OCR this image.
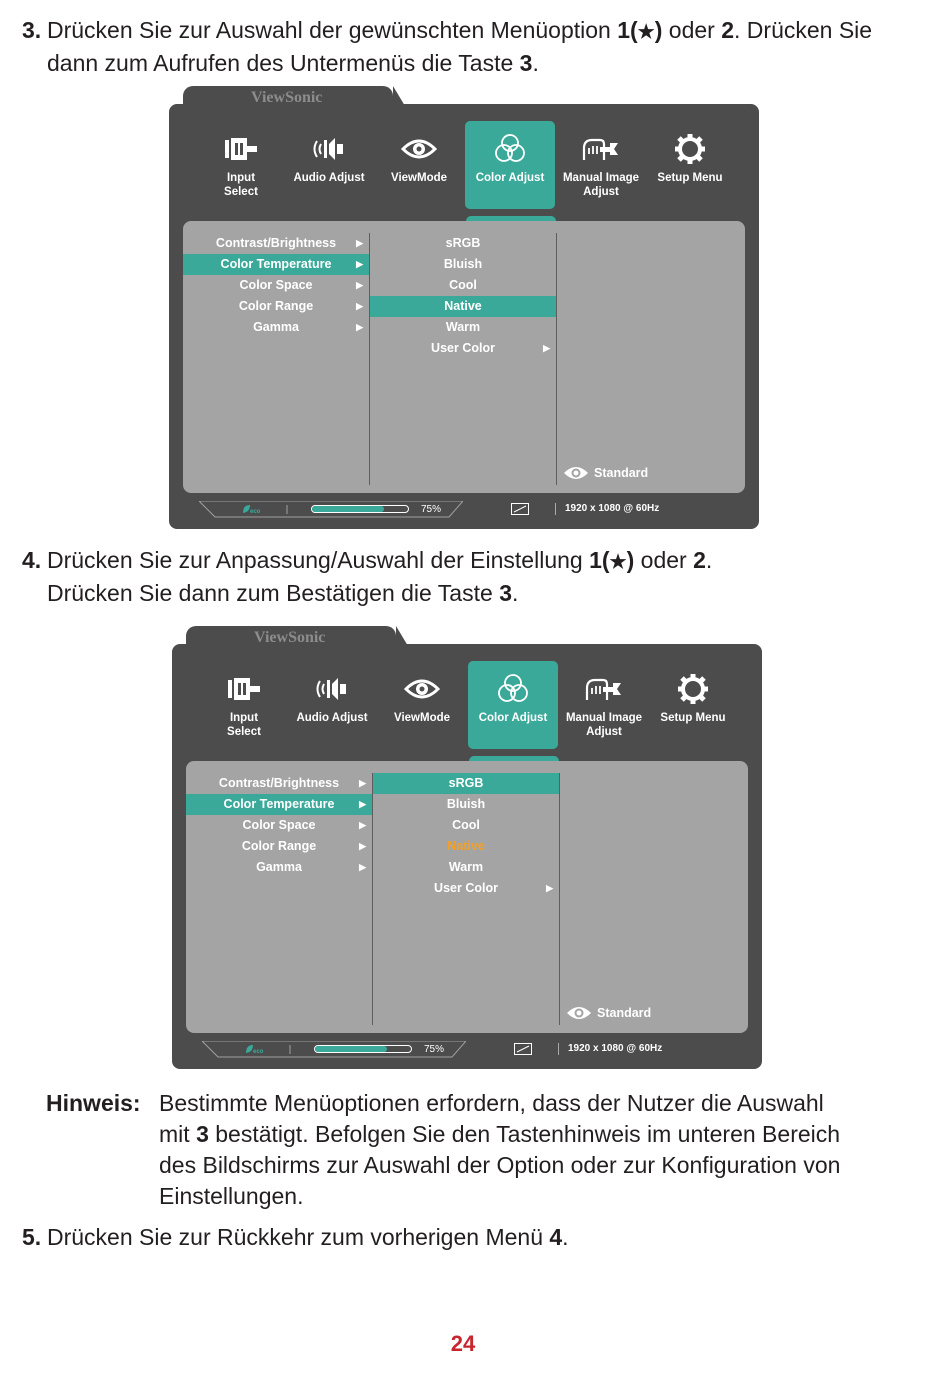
3. Drücken Sie zur Auswahl der gewünschten Menüoption 1(★) oder 2. Drücken Sie
dann zum Aufrufen des Untermenüs die Taste 3.
ViewSonic
Input
Select
Audio Adjust	ViewMode	Color Adjust	Manual Image
Adjust
Setup Menu
Contrast/Brightness ▶
Color Temperature	▶
Color Space	▶
Color Range	▶
Gamma	▶
sRGB
Bluish
Cool
Native
Warm
User Color	▶
Standard
eco	75%	1920 x 1080 @ 60Hz
4. Drücken Sie zur Anpassung/Auswahl der Einstellung 1(★) oder 2.
Drücken Sie dann zum Bestätigen die Taste 3.
ViewSonic
Input
Select
Audio Adjust	ViewMode	Color Adjust	Manual Image
Adjust
Setup Menu
Contrast/Brightness ▶
Color Temperature	▶
Color Space	▶
Color Range	▶
Gamma	▶
sRGB
Bluish
Cool
Native
Warm
User Color	▶
Standard
eco	75%	1920 x 1080 @ 60Hz
Hinweis: Bestimmte Menüoptionen erfordern, dass der Nutzer die Auswahl
mit 3 bestätigt. Befolgen Sie den Tastenhinweis im unteren Bereich
des Bildschirms zur Auswahl der Option oder zur Konfiguration von
Einstellungen.
5. Drücken Sie zur Rückkehr zum vorherigen Menü 4.
24
